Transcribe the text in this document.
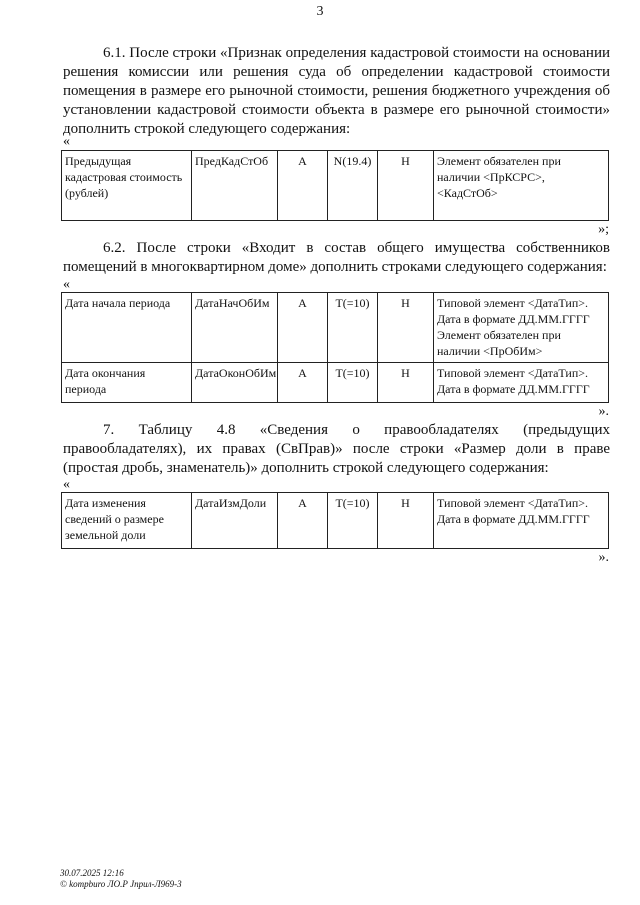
3

6.1. После строки «Признак определения кадастровой стоимости на основании решения комиссии или решения суда об определении кадастровой стоимости помещения в размере его рыночной стоимости, решения бюджетного учреждения об установлении кадастровой стоимости объекта в размере его рыночной стоимости» дополнить строкой следующего содержания:

«
Предыдущая кадастровая стоимость (рублей)	ПредКадСтОб	А	N(19.4)	Н	Элемент обязателен при наличии <ПрКСРС>, <КадСтОб>
»;

6.2. После строки «Входит в состав общего имущества собственников помещений в многоквартирном доме» дополнить строками следующего содержания:

«
Дата начала периода	ДатаНачОбИм	А	T(=10)	Н	Типовой элемент <ДатаТип>. Дата в формате ДД.ММ.ГГГГ Элемент обязателен при наличии <ПрОбИм>
Дата окончания периода	ДатаОконОбИм	А	T(=10)	Н	Типовой элемент <ДатаТип>. Дата в формате ДД.ММ.ГГГГ
».

7. Таблицу 4.8 «Сведения о правообладателях (предыдущих правообладателях), их правах (СвПрав)» после строки «Размер доли в праве (простая дробь, знаменатель)» дополнить строкой следующего содержания:

«
Дата изменения сведений о размере земельной доли	ДатаИзмДоли	А	T(=10)	Н	Типовой элемент <ДатаТип>. Дата в формате ДД.ММ.ГГГГ
».
30.07.2025 12:16
© kompburo ЛО.Р Jnpuл-Л969-3
